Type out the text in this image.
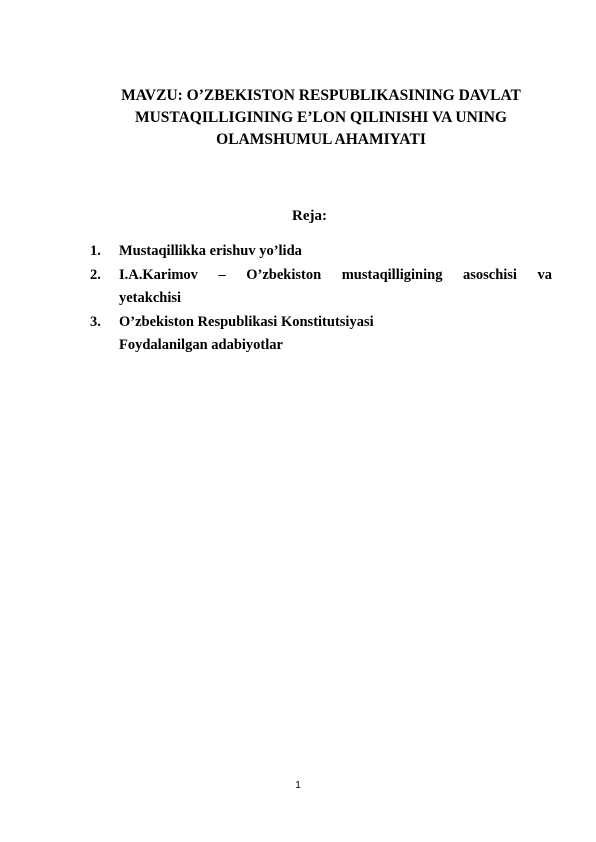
MAVZU: O’ZBEKISTON RESPUBLIKASINING DAVLAT
MUSTAQILLIGINING E’LON QILINISHI VA UNING
OLAMSHUMUL AHAMIYATI

Reja:

1.	Mustaqillikka erishuv yo’lida
2.	I.A.Karimov – O’zbekiston mustaqilligining asoschisi va
yetakchisi
3.	O’zbekiston Respublikasi Konstitutsiyasi
Foydalanilgan adabiyotlar

1
